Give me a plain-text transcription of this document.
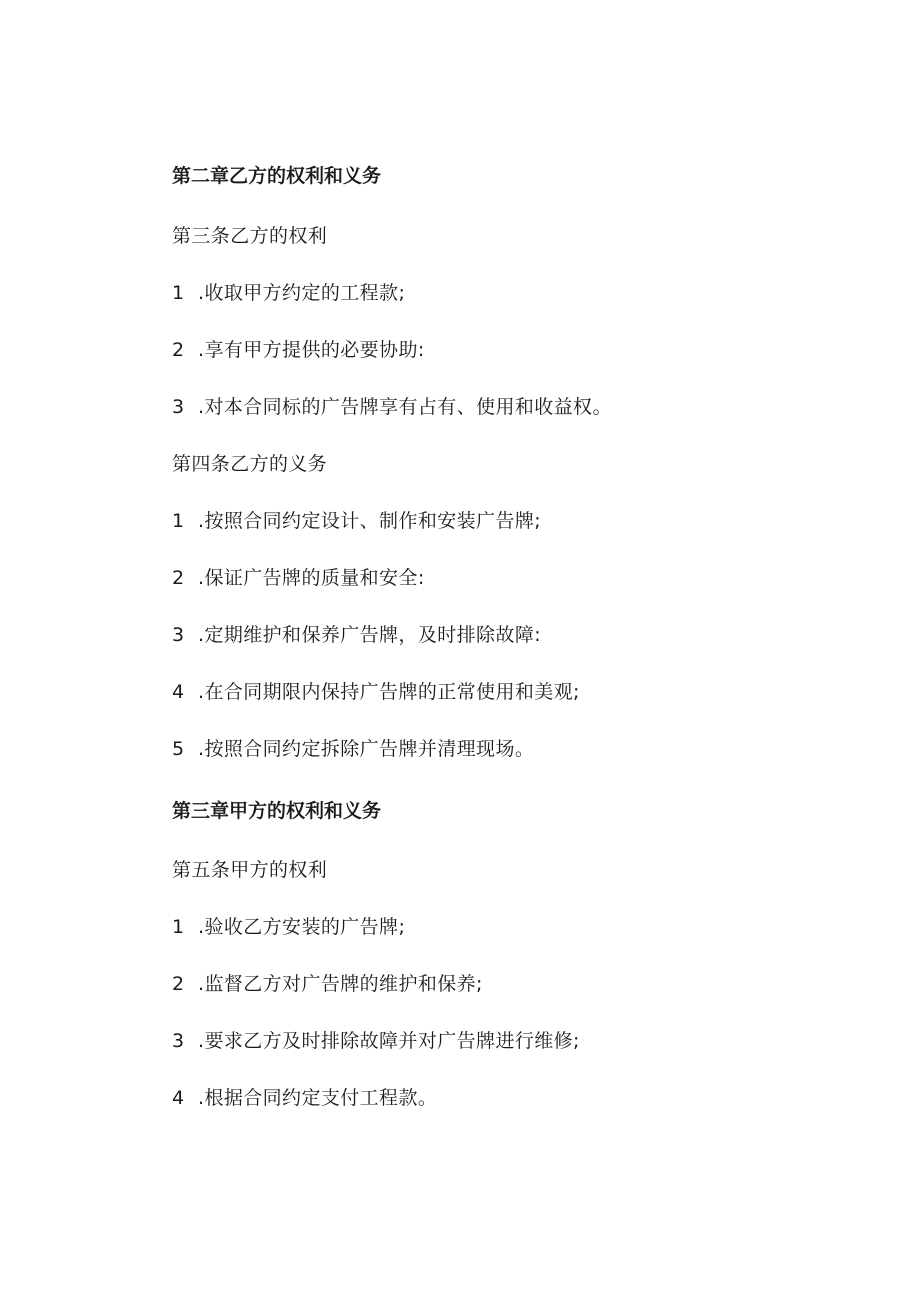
第二章乙方的权利和义务
第三条乙方的权利
1 .收取甲方约定的工程款;
2 .享有甲方提供的必要协助:
3 .对本合同标的广告牌享有占有、使用和收益权。
第四条乙方的义务
1 .按照合同约定设计、制作和安装广告牌;
2 .保证广告牌的质量和安全:
3 .定期维护和保养广告牌，及时排除故障:
4 .在合同期限内保持广告牌的正常使用和美观;
5 .按照合同约定拆除广告牌并清理现场。
第三章甲方的权利和义务
第五条甲方的权利
1 .验收乙方安装的广告牌;
2 .监督乙方对广告牌的维护和保养;
3 .要求乙方及时排除故障并对广告牌进行维修;
4 .根据合同约定支付工程款。
